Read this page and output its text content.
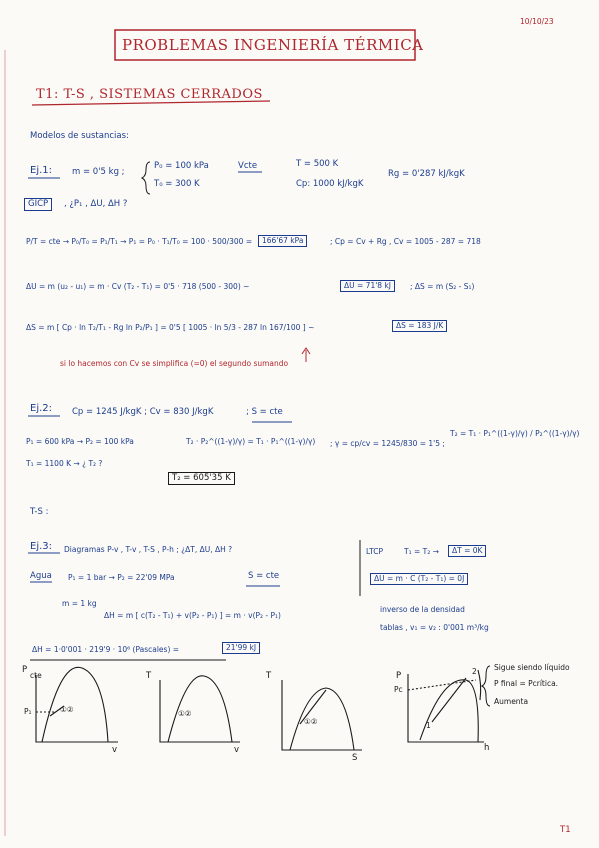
10/10/23
PROBLEMAS INGENIERÍA TÉRMICA
T1: T-S , SISTEMAS CERRADOS
Modelos de sustancias:
Ej.1: m = 0'5 kg ;
P₀ = 100 kPa
T₀ = 300 K
Vcte	T = 500 K
Cp: 1000 kJ/kgK
Rg = 0'287 kJ/kgK
GICP	, ¿P₁ , ΔU, ΔH ?
P/T = cte → P₀/T₀ = P₁/T₁ → P₁ = P₀ · T₁/T₀ = 100 · 500/300 =	166'67 kPa	; Cp = Cv + Rg , Cv = 1005 - 287 = 718
ΔU = m (u₂ - u₁) = m · Cv (T₂ - T₁) = 0'5 · 718 (500 - 300) ~	ΔU = 71'8 kJ	; ΔS = m (S₂ - S₁)
ΔS = m [ Cp · ln T₂/T₁ - Rg ln P₂/P₁ ] = 0'5 [ 1005 · ln 5/3 - 287 ln 167/100 ] ~	ΔS = 183 J/K
si lo hacemos con Cv se simplifica (=0) el segundo sumando
Ej.2: Cp = 1245 J/kgK ; Cv = 830 J/kgK	; S = cte
P₁ = 600 kPa → P₂ = 100 kPa	T₂ · P₂^((1-γ)/γ) = T₁ · P₁^((1-γ)/γ) ; γ = cp/cv = 1245/830 = 1'5 ;
T₂ = T₁ · P₁^((1-γ)/γ) / P₂^((1-γ)/γ)
T₁ = 1100 K → ¿ T₂ ?
T₂ = 605'35 K
T-S :
Ej.3: Diagramas P-v , T-v , T-S , P-h ; ¿ΔT, ΔU, ΔH ?	LTCP	T₁ = T₂ →	ΔT = 0K
Agua P₁ = 1 bar → P₂ = 22'09 MPa	S = cte	ΔU = m · C (T₂ - T₁) = 0J
m = 1 kg
ΔH = m [ c(T₂ - T₁) + v(P₂ - P₁) ] = m · v(P₂ - P₁)
inverso de la densidad
tablas , v₁ = v₂ : 0'001 m³/kg
ΔH = 1·0'001 · 219'9 · 10⁶ (Pascales) =	21'99 kJ
P
cte
P₁	①②
v
T
①②
v
T
①②
S
P
Pc
1
2
h
Sigue siendo líquido
P final = Pcrítica.
Aumenta
T1
